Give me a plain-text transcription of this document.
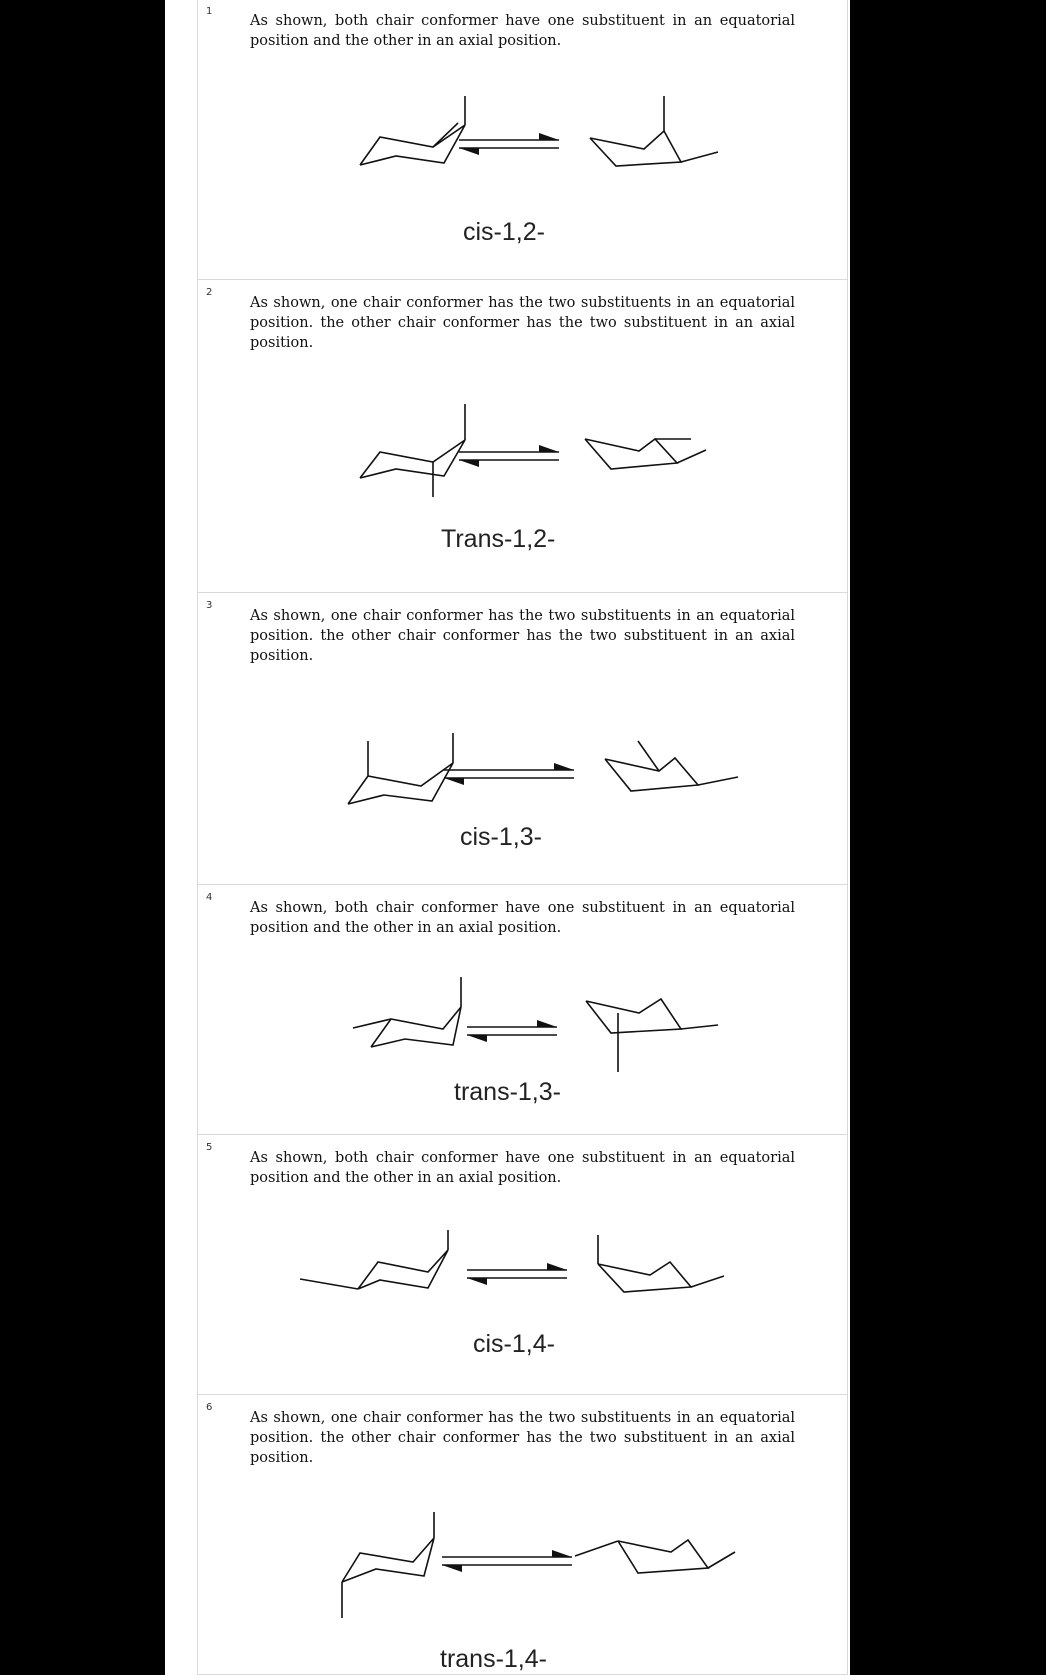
1

As shown, both chair conformer have one substituent in an equatorial position and the other in an axial position.

cis-1,2-
2

As shown, one chair conformer has the two substituents in an equatorial position. the other chair conformer has the two substituent in an axial position.

Trans-1,2-
3

As shown, one chair conformer has the two substituents in an equatorial position. the other chair conformer has the two substituent in an axial position.

cis-1,3-
4

As shown, both chair conformer have one substituent in an equatorial position and the other in an axial position.

trans-1,3-
5

As shown, both chair conformer have one substituent in an equatorial position and the other in an axial position.

cis-1,4-
6

As shown, one chair conformer has the two substituents in an equatorial position. the other chair conformer has the two substituent in an axial position.

trans-1,4-
